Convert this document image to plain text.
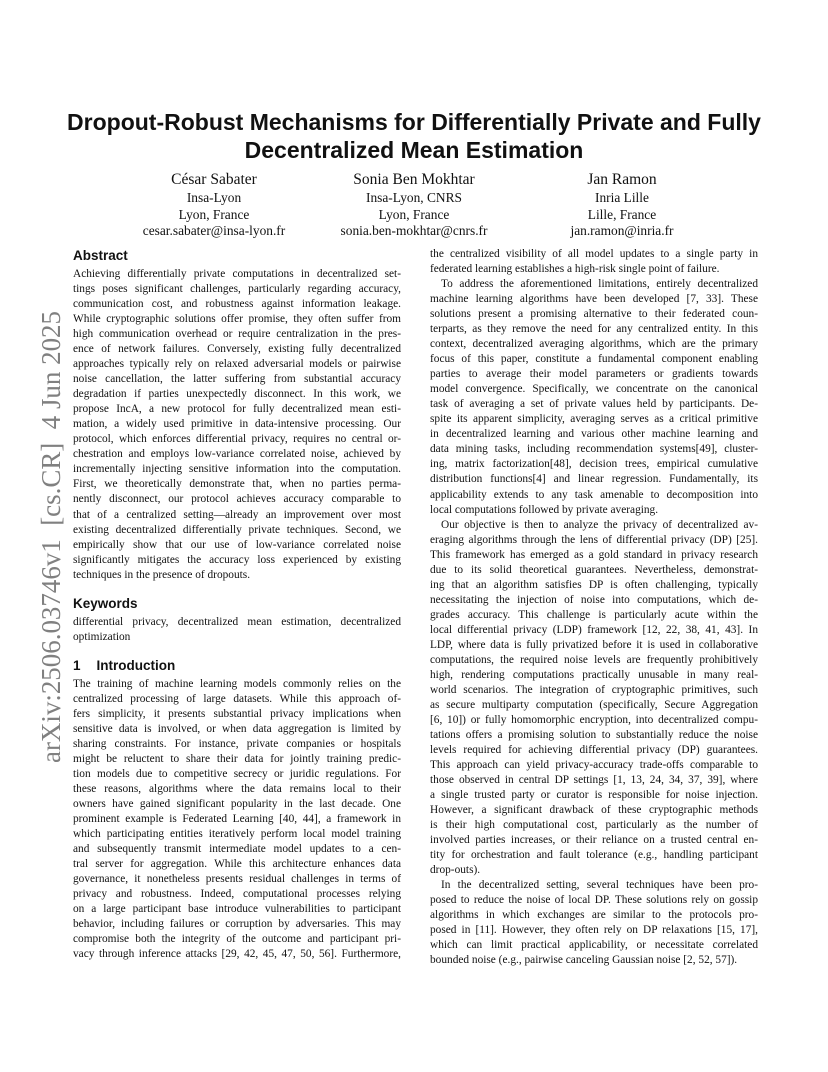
arXiv:2506.03746v1  [cs.CR]  4 Jun 2025
Dropout-Robust Mechanisms for Differentially Private and Fully
Decentralized Mean Estimation
César Sabater
Insa-Lyon
Lyon, France
cesar.sabater@insa-lyon.fr
Sonia Ben Mokhtar
Insa-Lyon, CNRS
Lyon, France
sonia.ben-mokhtar@cnrs.fr
Jan Ramon
Inria Lille
Lille, France
jan.ramon@inria.fr
Abstract
Achieving differentially private computations in decentralized set-
tings poses significant challenges, particularly regarding accuracy,
communication cost, and robustness against information leakage.
While cryptographic solutions offer promise, they often suffer from
high communication overhead or require centralization in the pres-
ence of network failures. Conversely, existing fully decentralized
approaches typically rely on relaxed adversarial models or pairwise
noise cancellation, the latter suffering from substantial accuracy
degradation if parties unexpectedly disconnect. In this work, we
propose IncA, a new protocol for fully decentralized mean esti-
mation, a widely used primitive in data-intensive processing. Our
protocol, which enforces differential privacy, requires no central or-
chestration and employs low-variance correlated noise, achieved by
incrementally injecting sensitive information into the computation.
First, we theoretically demonstrate that, when no parties perma-
nently disconnect, our protocol achieves accuracy comparable to
that of a centralized setting—already an improvement over most
existing decentralized differentially private techniques. Second, we
empirically show that our use of low-variance correlated noise
significantly mitigates the accuracy loss experienced by existing
techniques in the presence of dropouts.
Keywords
differential privacy, decentralized mean estimation, decentralized
optimization
1 Introduction
The training of machine learning models commonly relies on the
centralized processing of large datasets. While this approach of-
fers simplicity, it presents substantial privacy implications when
sensitive data is involved, or when data aggregation is limited by
sharing constraints. For instance, private companies or hospitals
might be reluctent to share their data for jointly training predic-
tion models due to competitive secrecy or juridic regulations. For
these reasons, algorithms where the data remains local to their
owners have gained significant popularity in the last decade. One
prominent example is Federated Learning [40, 44], a framework in
which participating entities iteratively perform local model training
and subsequently transmit intermediate model updates to a cen-
tral server for aggregation. While this architecture enhances data
governance, it nonetheless presents residual challenges in terms of
privacy and robustness. Indeed, computational processes relying
on a large participant base introduce vulnerabilities to participant
behavior, including failures or corruption by adversaries. This may
compromise both the integrity of the outcome and participant pri-
vacy through inference attacks [29, 42, 45, 47, 50, 56]. Furthermore,
the centralized visibility of all model updates to a single party in
federated learning establishes a high-risk single point of failure.
To address the aforementioned limitations, entirely decentralized
machine learning algorithms have been developed [7, 33]. These
solutions present a promising alternative to their federated coun-
terparts, as they remove the need for any centralized entity. In this
context, decentralized averaging algorithms, which are the primary
focus of this paper, constitute a fundamental component enabling
parties to average their model parameters or gradients towards
model convergence. Specifically, we concentrate on the canonical
task of averaging a set of private values held by participants. De-
spite its apparent simplicity, averaging serves as a critical primitive
in decentralized learning and various other machine learning and
data mining tasks, including recommendation systems[49], cluster-
ing, matrix factorization[48], decision trees, empirical cumulative
distribution functions[4] and linear regression. Fundamentally, its
applicability extends to any task amenable to decomposition into
local computations followed by private averaging.
Our objective is then to analyze the privacy of decentralized av-
eraging algorithms through the lens of differential privacy (DP) [25].
This framework has emerged as a gold standard in privacy research
due to its solid theoretical guarantees. Nevertheless, demonstrat-
ing that an algorithm satisfies DP is often challenging, typically
necessitating the injection of noise into computations, which de-
grades accuracy. This challenge is particularly acute within the
local differential privacy (LDP) framework [12, 22, 38, 41, 43]. In
LDP, where data is fully privatized before it is used in collaborative
computations, the required noise levels are frequently prohibitively
high, rendering computations practically unusable in many real-
world scenarios. The integration of cryptographic primitives, such
as secure multiparty computation (specifically, Secure Aggregation
[6, 10]) or fully homomorphic encryption, into decentralized compu-
tations offers a promising solution to substantially reduce the noise
levels required for achieving differential privacy (DP) guarantees.
This approach can yield privacy-accuracy trade-offs comparable to
those observed in central DP settings [1, 13, 24, 34, 37, 39], where
a single trusted party or curator is responsible for noise injection.
However, a significant drawback of these cryptographic methods
is their high computational cost, particularly as the number of
involved parties increases, or their reliance on a trusted central en-
tity for orchestration and fault tolerance (e.g., handling participant
drop-outs).
In the decentralized setting, several techniques have been pro-
posed to reduce the noise of local DP. These solutions rely on gossip
algorithms in which exchanges are similar to the protocols pro-
posed in [11]. However, they often rely on DP relaxations [15, 17],
which can limit practical applicability, or necessitate correlated
bounded noise (e.g., pairwise canceling Gaussian noise [2, 52, 57]).
